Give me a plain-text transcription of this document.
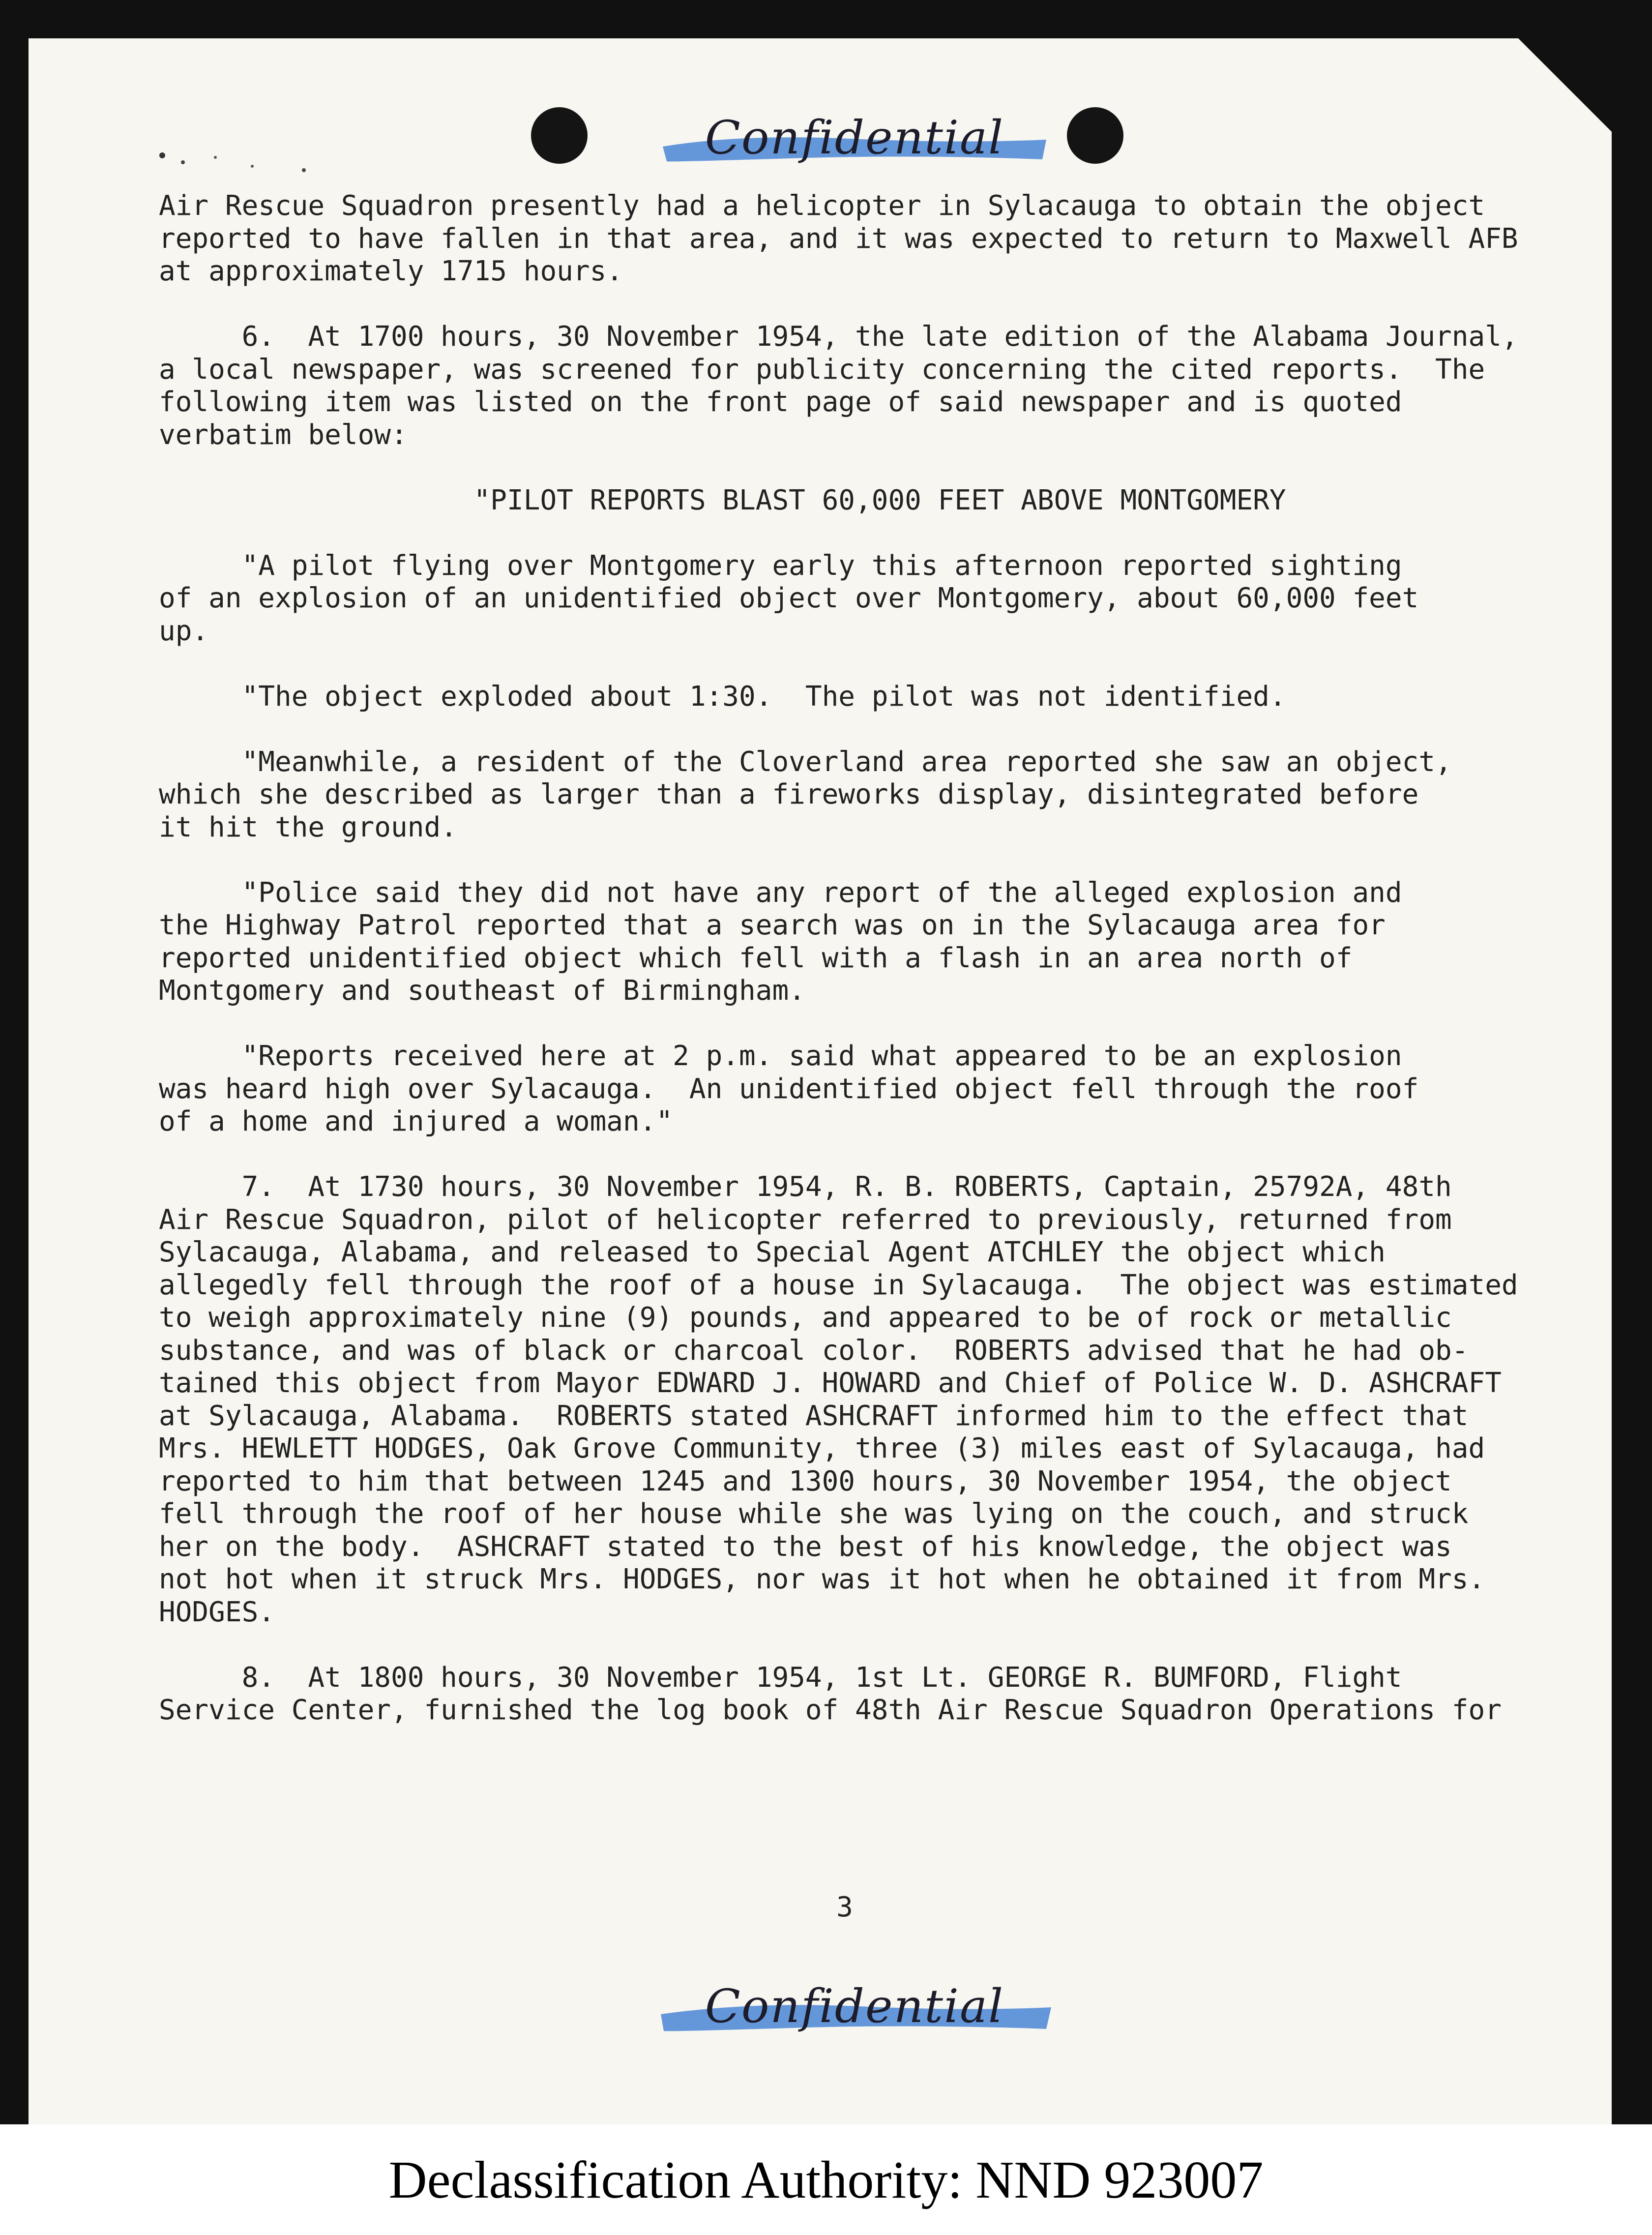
Confidential
Air Rescue Squadron presently had a helicopter in Sylacauga to obtain the object
reported to have fallen in that area, and it was expected to return to Maxwell AFB
at approximately 1715 hours.

6.  At 1700 hours, 30 November 1954, the late edition of the Alabama Journal,
a local newspaper, was screened for publicity concerning the cited reports.  The
following item was listed on the front page of said newspaper and is quoted
verbatim below:

"PILOT REPORTS BLAST 60,000 FEET ABOVE MONTGOMERY

"A pilot flying over Montgomery early this afternoon reported sighting
of an explosion of an unidentified object over Montgomery, about 60,000 feet
up.

"The object exploded about 1:30.  The pilot was not identified.

"Meanwhile, a resident of the Cloverland area reported she saw an object,
which she described as larger than a fireworks display, disintegrated before
it hit the ground.

"Police said they did not have any report of the alleged explosion and
the Highway Patrol reported that a search was on in the Sylacauga area for
reported unidentified object which fell with a flash in an area north of
Montgomery and southeast of Birmingham.

"Reports received here at 2 p.m. said what appeared to be an explosion
was heard high over Sylacauga.  An unidentified object fell through the roof
of a home and injured a woman."

7.  At 1730 hours, 30 November 1954, R. B. ROBERTS, Captain, 25792A, 48th
Air Rescue Squadron, pilot of helicopter referred to previously, returned from
Sylacauga, Alabama, and released to Special Agent ATCHLEY the object which
allegedly fell through the roof of a house in Sylacauga.  The object was estimated
to weigh approximately nine (9) pounds, and appeared to be of rock or metallic
substance, and was of black or charcoal color.  ROBERTS advised that he had ob-
tained this object from Mayor EDWARD J. HOWARD and Chief of Police W. D. ASHCRAFT
at Sylacauga, Alabama.  ROBERTS stated ASHCRAFT informed him to the effect that
Mrs. HEWLETT HODGES, Oak Grove Community, three (3) miles east of Sylacauga, had
reported to him that between 1245 and 1300 hours, 30 November 1954, the object
fell through the roof of her house while she was lying on the couch, and struck
her on the body.  ASHCRAFT stated to the best of his knowledge, the object was
not hot when it struck Mrs. HODGES, nor was it hot when he obtained it from Mrs.
HODGES.

8.  At 1800 hours, 30 November 1954, 1st Lt. GEORGE R. BUMFORD, Flight
Service Center, furnished the log book of 48th Air Rescue Squadron Operations for
3
Confidential
Declassification Authority: NND 923007
